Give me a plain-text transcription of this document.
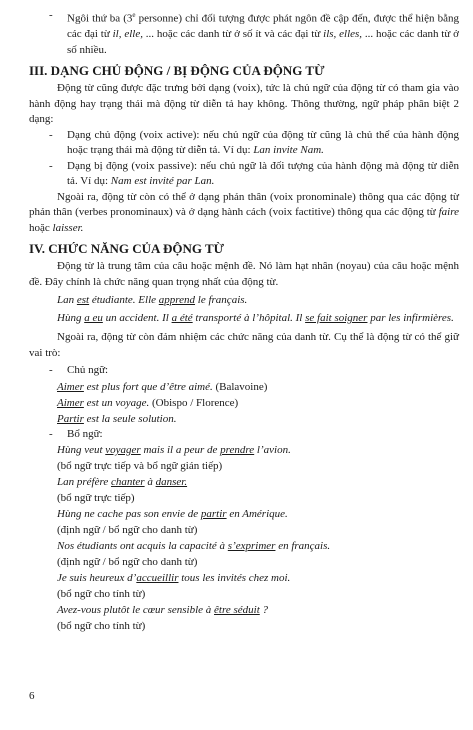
- Ngôi thứ ba (3e personne) chỉ đối tượng được phát ngôn đề cập đến, được thể hiện bằng các đại từ il, elle, ... hoặc các danh từ ở số ít và các đại từ ils, elles, ... hoặc các danh từ ở số nhiều.

III. DẠNG CHỦ ĐỘNG / BỊ ĐỘNG CỦA ĐỘNG TỪ

Động từ cũng được đặc trưng bởi dạng (voix), tức là chủ ngữ của động từ có tham gia vào hành động hay trạng thái mà động từ diễn tả hay không. Thông thường, ngữ pháp phân biệt 2 dạng:

- Dạng chủ động (voix active): nếu chủ ngữ của động từ cũng là chủ thể của hành động hoặc trạng thái mà động từ diễn tả. Ví dụ: Lan invite Nam.

- Dạng bị động (voix passive): nếu chủ ngữ là đối tượng của hành động mà động từ diễn tả. Ví dụ: Nam est invité par Lan.

Ngoài ra, động từ còn có thể ở dạng phản thân (voix pronominale) thông qua các động từ phản thân (verbes pronominaux) và ở dạng hành cách (voix factitive) thông qua các động từ faire hoặc laisser.

IV. CHỨC NĂNG CỦA ĐỘNG TỪ

Động từ là trung tâm của câu hoặc mệnh đề. Nó làm hạt nhân (noyau) của câu hoặc mệnh đề. Đây chính là chức năng quan trọng nhất của động từ.

Lan est étudiante. Elle apprend le français.

Hùng a eu un accident. Il a été transporté à l’hôpital. Il se fait soigner par les infirmières.

Ngoài ra, động từ còn đảm nhiệm các chức năng của danh từ. Cụ thể là động từ có thể giữ vai trò:

- Chủ ngữ:

Aimer est plus fort que d’être aimé. (Balavoine)

Aimer est un voyage. (Obispo / Florence)

Partir est la seule solution.

- Bổ ngữ:

Hùng veut voyager mais il a peur de prendre l’avion.

(bổ ngữ trực tiếp và bổ ngữ gián tiếp)

Lan préfère chanter à danser.

(bổ ngữ trực tiếp)

Hùng ne cache pas son envie de partir en Amérique.

(định ngữ / bổ ngữ cho danh từ)

Nos étudiants ont acquis la capacité à s’exprimer en français.

(định ngữ / bổ ngữ cho danh từ)

Je suis heureux d’accueillir tous les invités chez moi.

(bổ ngữ cho tính từ)

Avez-vous plutôt le cœur sensible à être séduit ?

(bổ ngữ cho tính từ)

6
